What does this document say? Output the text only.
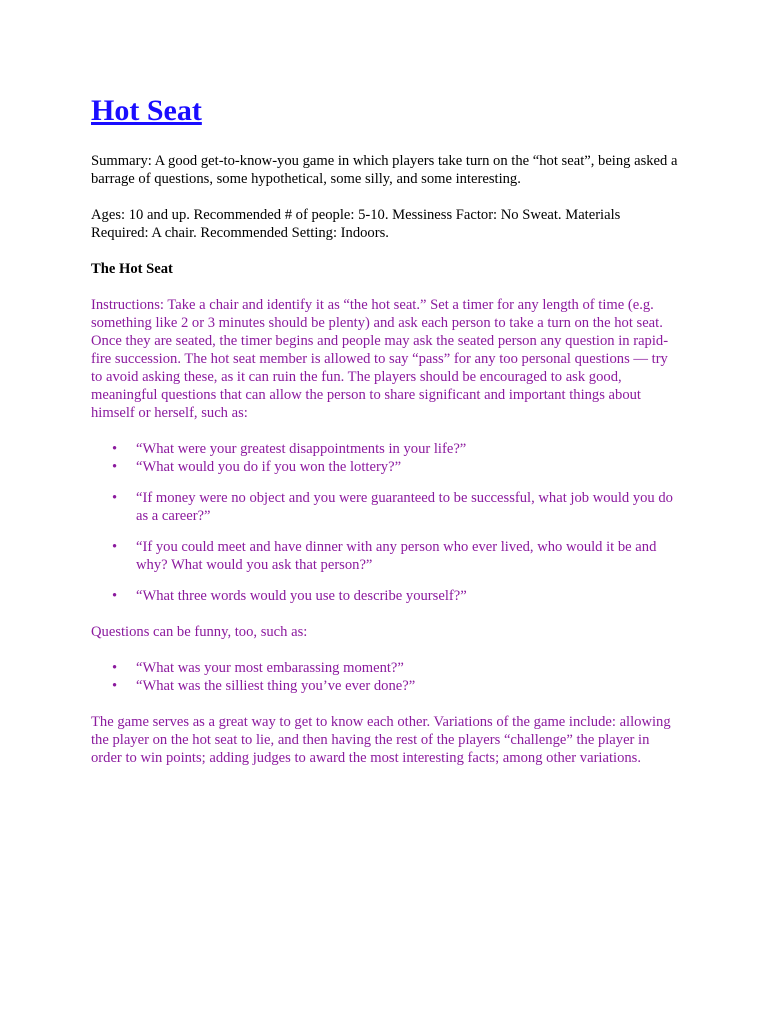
Hot Seat

Summary: A good get-to-know-you game in which players take turn on the “hot seat”, being asked a barrage of questions, some hypothetical, some silly, and some interesting.

Ages: 10 and up. Recommended # of people: 5-10. Messiness Factor: No Sweat. Materials Required: A chair. Recommended Setting: Indoors.

The Hot Seat

Instructions: Take a chair and identify it as “the hot seat.” Set a timer for any length of time (e.g. something like 2 or 3 minutes should be plenty) and ask each person to take a turn on the hot seat. Once they are seated, the timer begins and people may ask the seated person any question in rapid-fire succession. The hot seat member is allowed to say “pass” for any too personal questions — try to avoid asking these, as it can ruin the fun. The players should be encouraged to ask good, meaningful questions that can allow the person to share significant and important things about himself or herself, such as:

• “What were your greatest disappointments in your life?”
• “What would you do if you won the lottery?”
• “If money were no object and you were guaranteed to be successful, what job would you do as a career?”
• “If you could meet and have dinner with any person who ever lived, who would it be and why? What would you ask that person?”
• “What three words would you use to describe yourself?”

Questions can be funny, too, such as:

• “What was your most embarassing moment?”
• “What was the silliest thing you’ve ever done?”

The game serves as a great way to get to know each other. Variations of the game include: allowing the player on the hot seat to lie, and then having the rest of the players “challenge” the player in order to win points; adding judges to award the most interesting facts; among other variations.
